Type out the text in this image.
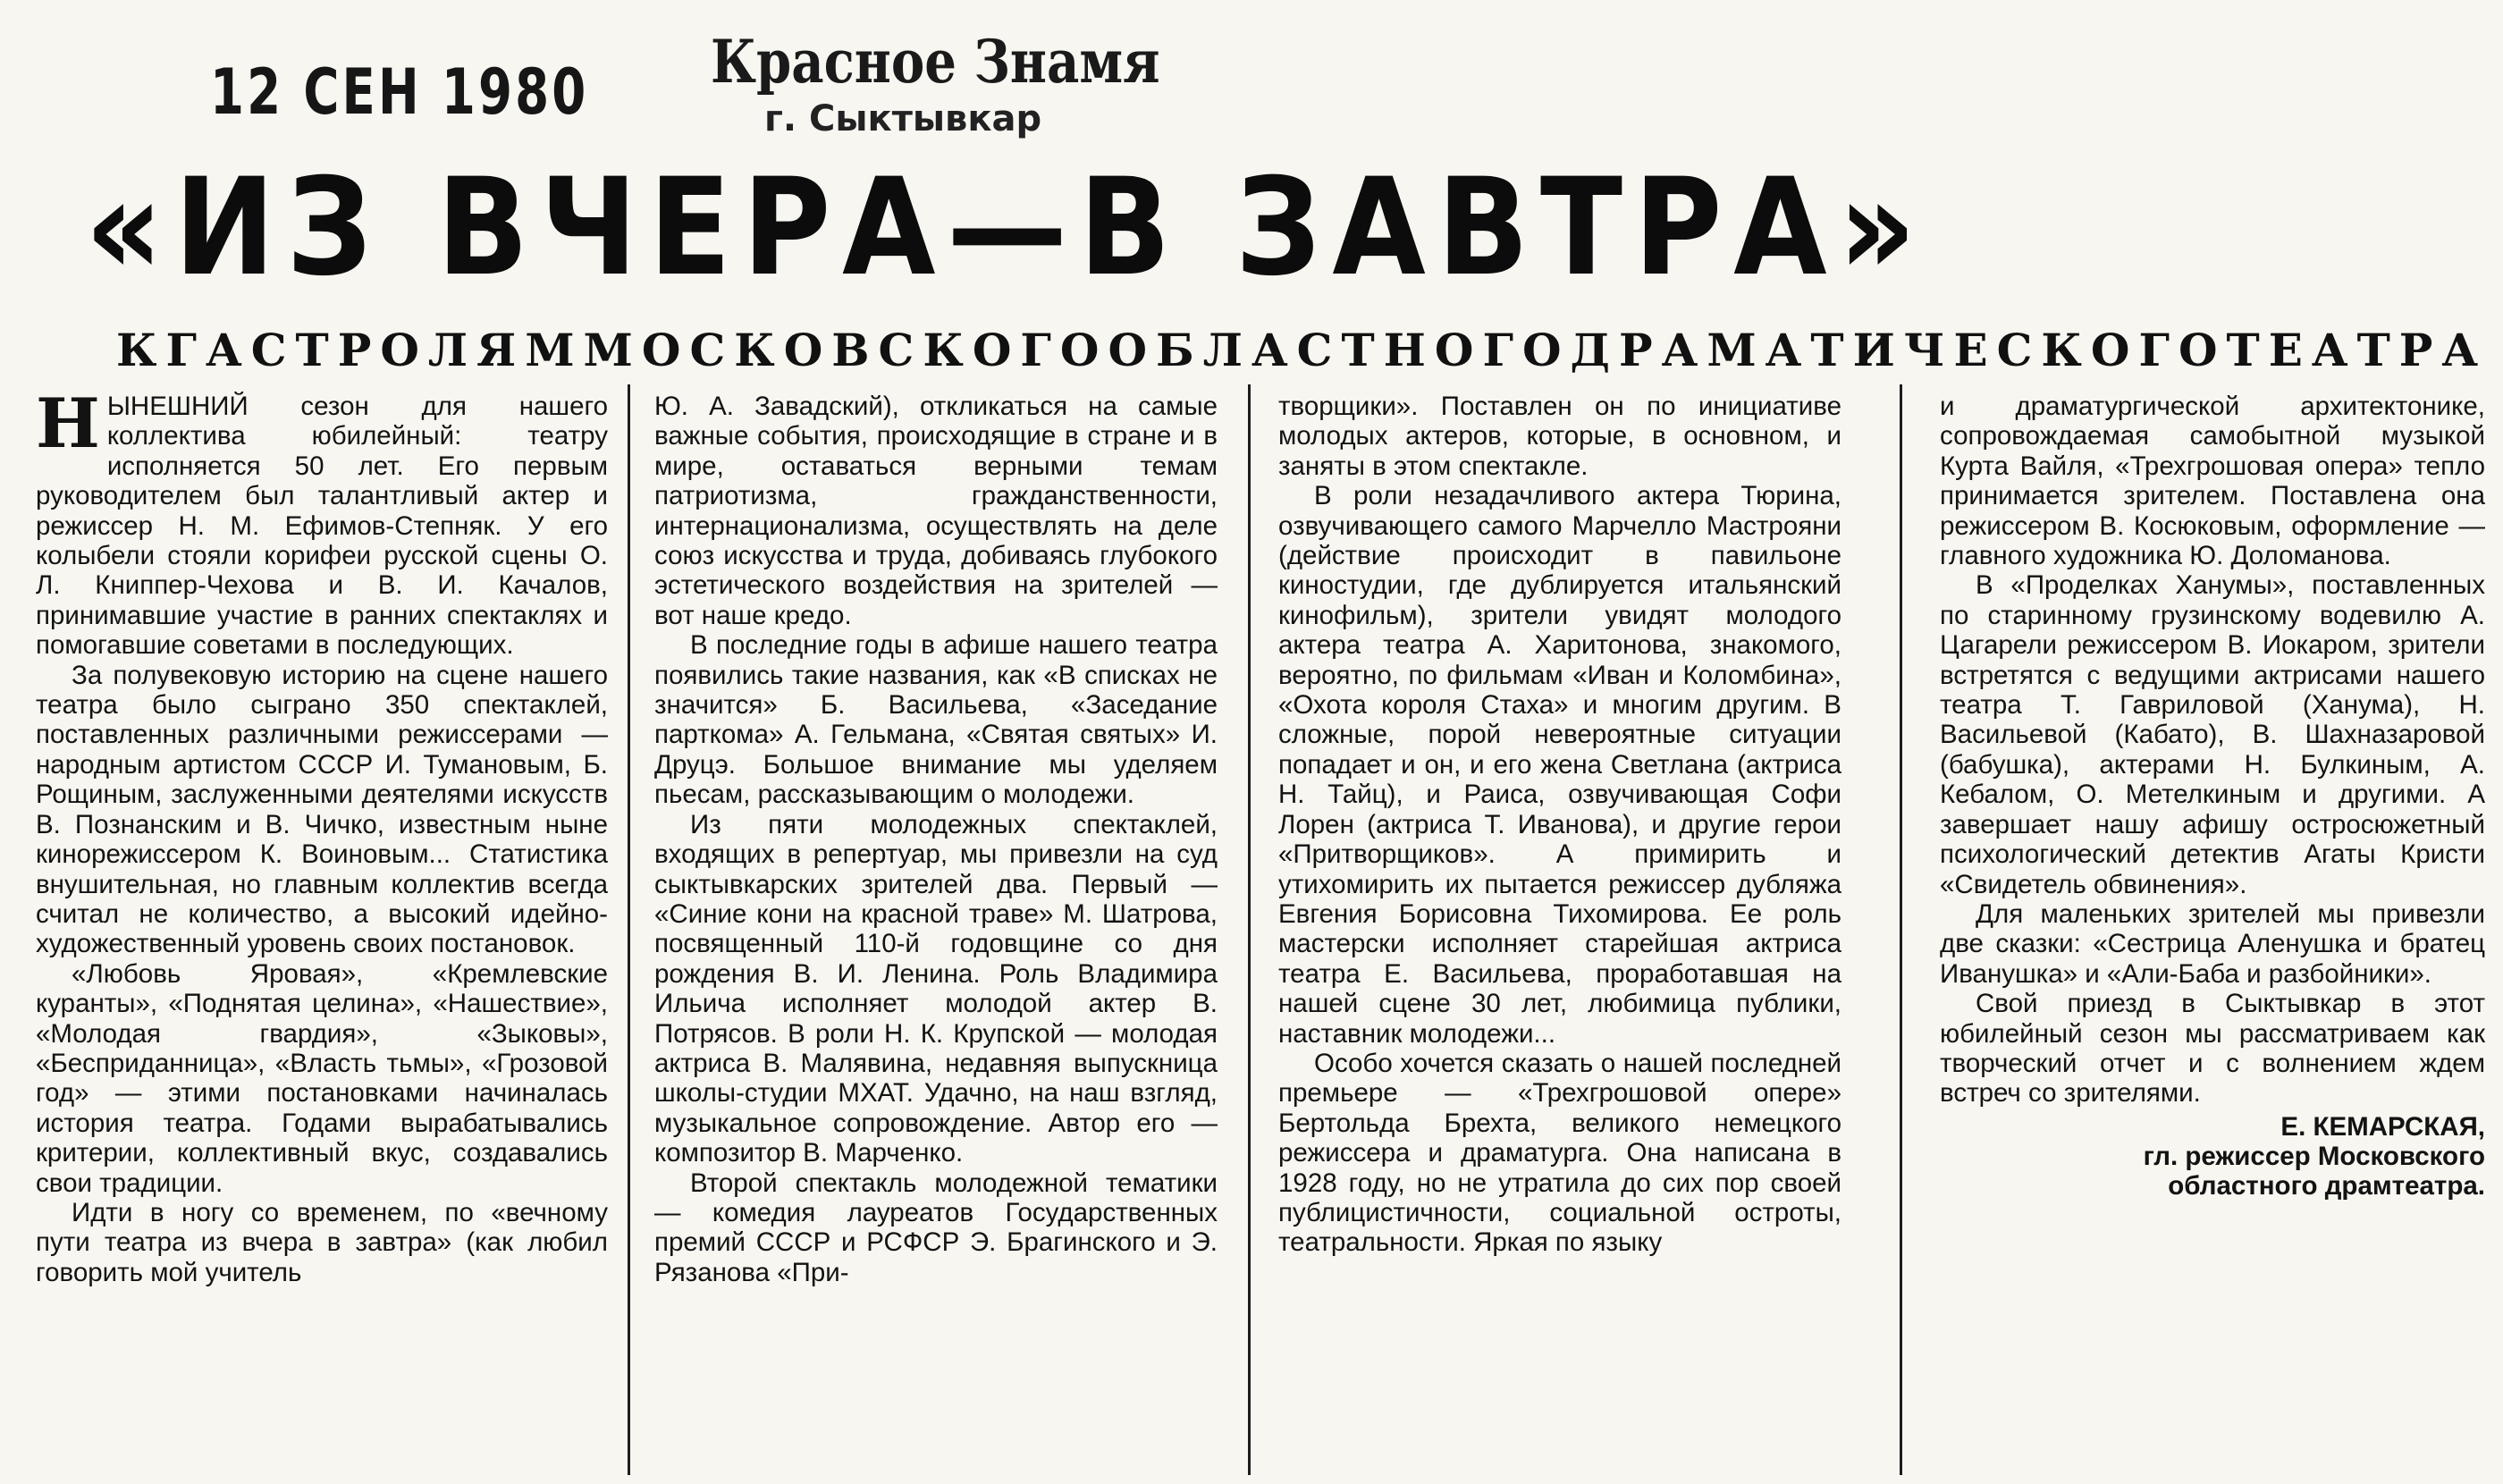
12 СЕН 1980 Красное Знамя
г. Сыктывкар
«ИЗ ВЧЕРА—В ЗАВТРА»
К ГАСТРОЛЯМ МОСКОВСКОГО ОБЛАСТНОГО ДРАМАТИЧЕСКОГО ТЕАТРА

НЫНЕШНИЙ сезон для нашего коллектива юбилейный: театру исполняется 50 лет. Его первым руководителем был талантливый актер и режиссер Н. М. Ефимов-Степняк. У его колыбели стояли корифеи русской сцены О. Л. Книппер-Чехова и В. И. Качалов, принимавшие участие в ранних спектаклях и помогавшие советами в последующих.

За полувековую историю на сцене нашего театра было сыграно 350 спектаклей, поставленных различными режиссерами — народным артистом СССР И. Тумановым, Б. Рощиным, заслуженными деятелями искусств В. Познанским и В. Чичко, известным ныне кинорежиссером К. Воиновым... Статистика внушительная, но главным коллектив всегда считал не количество, а высокий идейно-художественный уровень своих постановок.

«Любовь Яровая», «Кремлевские куранты», «Поднятая целина», «Нашествие», «Молодая гвардия», «Зыковы», «Бесприданница», «Власть тьмы», «Грозовой год» — этими постановками начиналась история театра. Годами вырабатывались критерии, коллективный вкус, создавались свои традиции.

Идти в ногу со временем, по «вечному пути театра из вчера в завтра» (как любил говорить мой учитель

Ю. А. Завадский), откликаться на самые важные события, происходящие в стране и в мире, оставаться верными темам патриотизма, гражданственности, интернационализма, осуществлять на деле союз искусства и труда, добиваясь глубокого эстетического воздействия на зрителей — вот наше кредо.

В последние годы в афише нашего театра появились такие названия, как «В списках не значится» Б. Васильева, «Заседание парткома» А. Гельмана, «Святая святых» И. Друцэ. Большое внимание мы уделяем пьесам, рассказывающим о молодежи.

Из пяти молодежных спектаклей, входящих в репертуар, мы привезли на суд сыктывкарских зрителей два. Первый — «Синие кони на красной траве» М. Шатрова, посвященный 110-й годовщине со дня рождения В. И. Ленина. Роль Владимира Ильича исполняет молодой актер В. Потрясов. В роли Н. К. Крупской — молодая актриса В. Малявина, недавняя выпускница школы-студии МХАТ. Удачно, на наш взгляд, музыкальное сопровождение. Автор его — композитор В. Марченко.

Второй спектакль молодежной тематики — комедия лауреатов Государственных премий СССР и РСФСР Э. Брагинского и Э. Рязанова «При-

творщики». Поставлен он по инициативе молодых актеров, которые, в основном, и заняты в этом спектакле.

В роли незадачливого актера Тюрина, озвучивающего самого Марчелло Мастрояни (действие происходит в павильоне киностудии, где дублируется итальянский кинофильм), зрители увидят молодого актера театра А. Харитонова, знакомого, вероятно, по фильмам «Иван и Коломбина», «Охота короля Стаха» и многим другим. В сложные, порой невероятные ситуации попадает и он, и его жена Светлана (актриса Н. Тайц), и Раиса, озвучивающая Софи Лорен (актриса Т. Иванова), и другие герои «Притворщиков». А примирить и утихомирить их пытается режиссер дубляжа Евгения Борисовна Тихомирова. Ее роль мастерски исполняет старейшая актриса театра Е. Васильева, проработавшая на нашей сцене 30 лет, любимица публики, наставник молодежи...

Особо хочется сказать о нашей последней премьере — «Трехгрошовой опере» Бертольда Брехта, великого немецкого режиссера и драматурга. Она написана в 1928 году, но не утратила до сих пор своей публицистичности, социальной остроты, театральности. Яркая по языку

и драматургической архитектонике, сопровождаемая самобытной музыкой Курта Вайля, «Трехгрошовая опера» тепло принимается зрителем. Поставлена она режиссером В. Косюковым, оформление — главного художника Ю. Доломанова.

В «Проделках Ханумы», поставленных по старинному грузинскому водевилю А. Цагарели режиссером В. Иокаром, зрители встретятся с ведущими актрисами нашего театра Т. Гавриловой (Ханума), Н. Васильевой (Кабато), В. Шахназаровой (бабушка), актерами Н. Булкиным, А. Кебалом, О. Метелкиным и другими. А завершает нашу афишу остросюжетный психологический детектив Агаты Кристи «Свидетель обвинения».

Для маленьких зрителей мы привезли две сказки: «Сестрица Аленушка и братец Иванушка» и «Али-Баба и разбойники».

Свой приезд в Сыктывкар в этот юбилейный сезон мы рассматриваем как творческий отчет и с волнением ждем встреч со зрителями.

Е. КЕМАРСКАЯ,
гл. режиссер Московского
областного драмтеатра.
